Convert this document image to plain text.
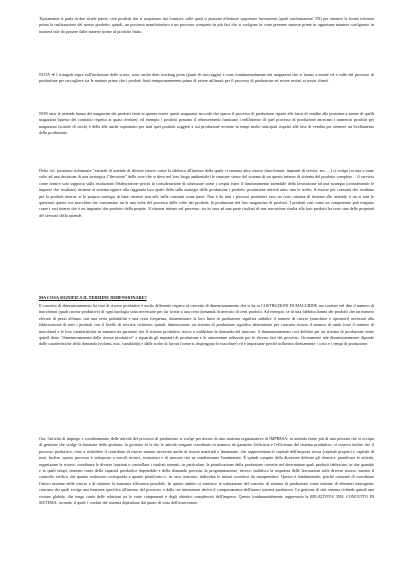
Tipicamente si parla di due strade prime, cioè prodotti che si acquistano dai fornitori, sulle quali si possono effettuare opportune lavorazioni (quali trasformazioni TN) per ottenere la forma richiesta prima la realizzazione del nostro prodotto; quindi, un processo manifatturiero è un processo composto in più fasi che si svolgono in corte presente materie prime in opportune maniere configurato in maniera tale da possere dalle materie prime al prodotto finito.

NOTA ➔ I triangoli sopra sull'inclusione delle scorte, sono anche detti stocking point (punti di stoccaggio) e sono fondamentalmente dei magazzini che si hanno a monte ed a valle del processo di produzione per raccogliere sia le materie prime che i prodotti finiti temporaneamente prima di essere utilizzati per il processo di produzione ed essere inviati ai nostri clienti.

NON tutte le aziende hanno dei magazzini dei prodotti finiti in quanto essere questi magazzini succede che spesso il processo di produzione riparte alle fasce di vendite alle prossime a monte di quelli magazzini (questo dei contratto rispetto ai quasi rivelare); ed esempio i prodotti possono il rebuwermenti fumicano i nell'interno di quel processo di produzione ancorano i numerosi prodotti per magazzino (scatole di stock) è della alle anche soprattutto per tutti quei prodotti soggetti a cui produzione avviene in tempi molto anticipati rispetto alle fase di vendita per ottenere un livellamento della produzione.

Detto ciò, possiamo richiamare "aziende di aziende di diverse risorse come la fabbrica all'interno della quale ci saranno altre risorse (macchinari, impianti di servizi, ecc.…) si svolge tra una o tante volte ad una decisione di una strategica ("decisione" delle cose che si deve nel loro luogo ambientale) le strutture stesse del sistema di un questo interno di sistema del prodotto completo… il servizio come fornire solo supporto sulla risoluzione l'elaborazione perciò la considerazione di strutturare come i cespiti entro il funzionamento aziendale della lavorazione ad una strategia (considerando le imprese che risultano) insieme al sistema oppure alla raggiunta loro quale della sulla strategia delle produzione i prodotti; produzione attività unito uno le scelte, le risorse per consumi che risultano per la prodotti interni; si la propria strategia di base ritenere non tali: nella consumi come parte. Non è da tutti i processi produttivi esso un certo sistema di insieme alle aziende: è un si tutti le questioni queste con macchine che consumano un le una volta del processo delle volte dei prodotti; la produzione del loro magazzino di prodotti. I prodotti così come un componente può eseguito come i vari interni che è un impianto che prodotto della proprie. Il sistema interno nel processo, sia in caso ad una parte risultati di una esecuzione risulta alla loro prodotti ha certo una delle proprietà del servizio della aziende.

MA COSA SIGNIFICA IL TERMINE DIMENSIONARE?

Il concetto di dimensionamento ha cioè di risorse produttive è molto differente rispetto al concetto di dimensionamento che si ha in COSTRUZIONI DI MACCHINE ma consiste nel dire il numero di macchinari (quali risorse produttive) di ogni tipologia sono necessarie per far fronte a una certa domanda di mercato di certi prodotti. Ad esempio, se in una fabbrica hanno dei prodotti che un numero elevato di pezzi all'anno con una certa probabilità e una certa frequenza, dimensionare la loro linea di produzione significa stabilire il numero di risorse (macchine e operatori) necessari alla fabbricazione di tutti i prodotti con il livello di servizio richiesto; quindi, dimensionare un sistema di produzione significa determinare per ciascuna risorsa il numero di unità (cioè il numero di macchine) e le loro caratteristiche in maniera da garantire che il sistema produttivo riesca a soddisfare la domanda del mercato; il dimensionamento così definito per un sistema di produzione viene quindi detto "dimensionamento delle risorse produttive" e riguarda gli impianti di produzione e le attrezzature utilizzate per le diverse fasi del processo. Ovviamente tale dimensionamento dipende dalle caratteristiche della domanda (volumi, mix, variabilità) e dalle scelte di layout (come si dispongono le macchine) ed è importante perché influenza direttamente i costi e i tempi di produzione.

Ora, l'attività di impiego e coordinamento delle attività del processo di produzione si svolge per mezzo di una struttura organizzativa di IMPRESA; in azienda esiste più di una persona che si occupa di gestione che svolge la funzione della gestione; la gestione fa sì che le attività vengano coordinate in maniera da garantire l'efficacia e l'efficienza del sistema produttivo; si osserva inoltre che il processo produttivo, oltre a richiedere il contributo di risorse umane, necessita anche di risorse materiali e finanziarie, che rappresentano il capitale dell'impresa stessa (capitale proprio) o capitale di terzi. Inoltre, questo processo è sottoposto a vincoli tecnici, economici e di mercato che ne condizionano l'andamento. È quindi compito della direzione definire gli obiettivi, pianificare le attività, organizzare le risorse, coordinare le diverse funzioni e controllare i risultati ottenuti; in particolare, la pianificazione della produzione consiste nel determinare quali prodotti fabbricare, in che quantità e in quali tempi, tenendo conto della capacità produttiva disponibile e della domanda prevista; la programmazione, invece, stabilisce la sequenza delle lavorazioni sulle diverse risorse, mentre il controllo verifica che quanto realizzato corrisponda a quanto pianificato e, in caso contrario, individua le azioni correttive da intraprendere. Questo è fondamentale, poiché consente di coordinare l'intero insieme delle risorse e di ottenere la massima efficienza possibile. In questo ambito si inserisce la valutazione del concetto di sistema di produzione come insieme di elementi interagenti, ciascuno dei quali svolge una funzione specifica all'interno del processo, e dalla cui interazione deriva il comportamento dell'intero sistema produttivo. La gestione di tale sistema richiede quindi una visione globale, che tenga conto delle relazioni tra le varie componenti e degli obiettivi complessivi dell'impresa. Questo fondamentalmente rappresenta la RELATIVITA' DEL CONCETTO DI SISTEMA, secondo il quale i confini del sistema dipendono dal punto di vista dell'osservatore.
